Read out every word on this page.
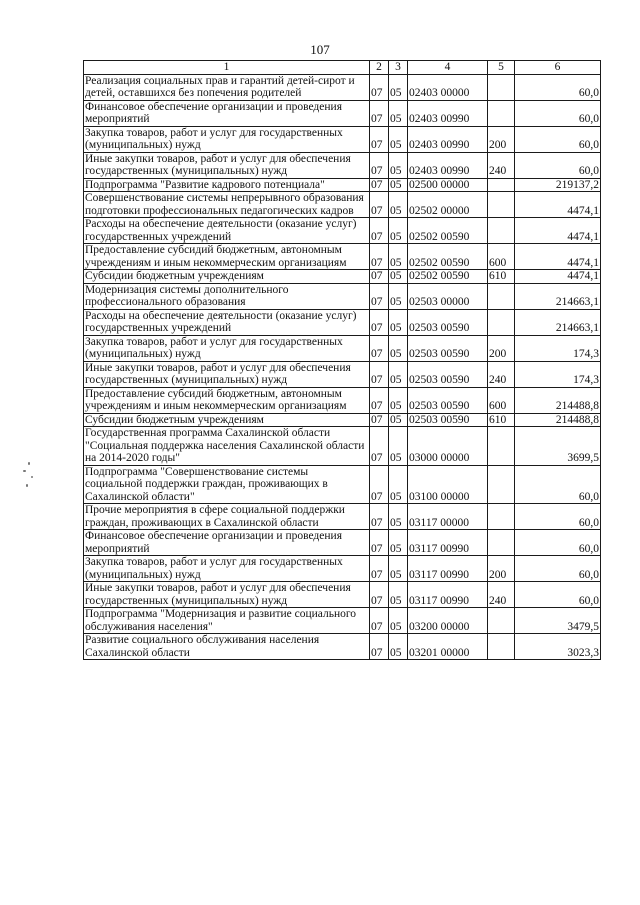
107
1	2	3	4	5	6
Реализация социальных прав и гарантий детей-сирот и детей, оставшихся без попечения родителей	07	05	02403 00000		60,0
Финансовое обеспечение организации и проведения мероприятий	07	05	02403 00990		60,0
Закупка товаров, работ и услуг для государственных (муниципальных) нужд	07	05	02403 00990	200	60,0
Иные закупки товаров, работ и услуг для обеспечения государственных (муниципальных) нужд	07	05	02403 00990	240	60,0
Подпрограмма "Развитие кадрового потенциала"	07	05	02500 00000		219137,2
Совершенствование системы непрерывного образования подготовки профессиональных педагогических кадров	07	05	02502 00000		4474,1
Расходы на обеспечение деятельности (оказание услуг) государственных учреждений	07	05	02502 00590		4474,1
Предоставление субсидий бюджетным, автономным учреждениям и иным некоммерческим организациям	07	05	02502 00590	600	4474,1
Субсидии бюджетным учреждениям	07	05	02502 00590	610	4474,1
Модернизация системы дополнительного профессионального образования	07	05	02503 00000		214663,1
Расходы на обеспечение деятельности (оказание услуг) государственных учреждений	07	05	02503 00590		214663,1
Закупка товаров, работ и услуг для государственных (муниципальных) нужд	07	05	02503 00590	200	174,3
Иные закупки товаров, работ и услуг для обеспечения государственных (муниципальных) нужд	07	05	02503 00590	240	174,3
Предоставление субсидий бюджетным, автономным учреждениям и иным некоммерческим организациям	07	05	02503 00590	600	214488,8
Субсидии бюджетным учреждениям	07	05	02503 00590	610	214488,8
Государственная программа Сахалинской области "Социальная поддержка населения Сахалинской области на 2014-2020 годы"	07	05	03000 00000		3699,5
Подпрограмма "Совершенствование системы социальной поддержки граждан, проживающих в Сахалинской области"	07	05	03100 00000		60,0
Прочие мероприятия в сфере социальной поддержки граждан, проживающих в Сахалинской области	07	05	03117 00000		60,0
Финансовое обеспечение организации и проведения мероприятий	07	05	03117 00990		60,0
Закупка товаров, работ и услуг для государственных (муниципальных) нужд	07	05	03117 00990	200	60,0
Иные закупки товаров, работ и услуг для обеспечения государственных (муниципальных) нужд	07	05	03117 00990	240	60,0
Подпрограмма "Модернизация и развитие социального обслуживания населения"	07	05	03200 00000		3479,5
Развитие социального обслуживания населения Сахалинской области	07	05	03201 00000		3023,3
